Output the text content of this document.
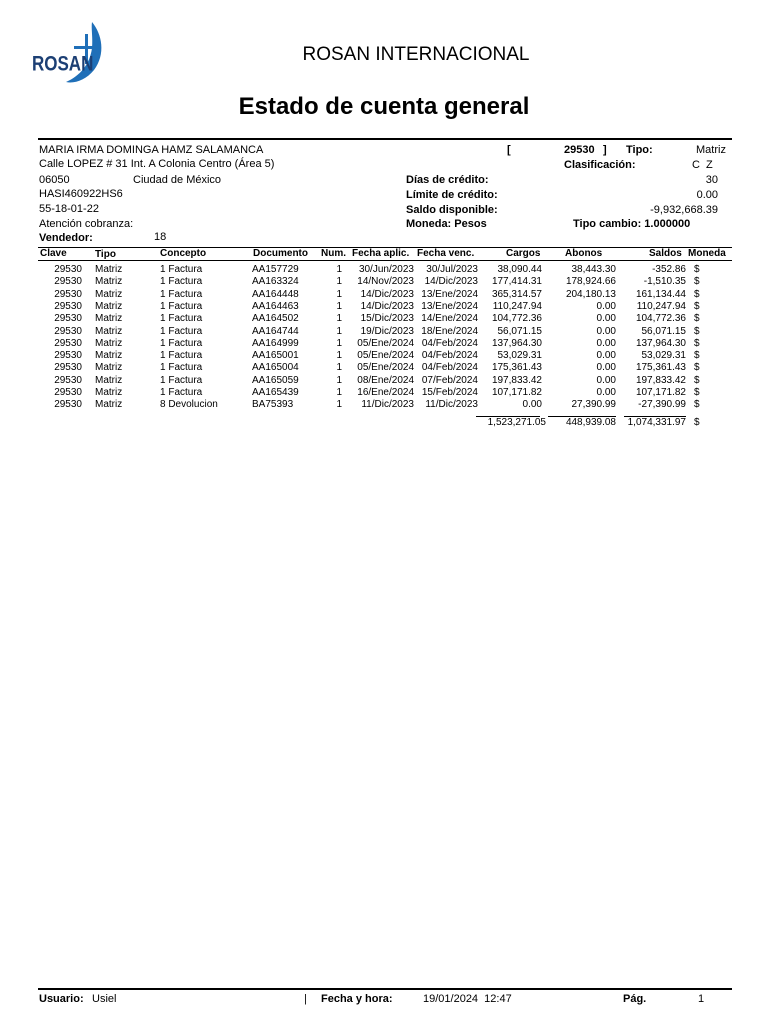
ROSAN	ROSAN INTERNACIONAL
Estado de cuenta general
MARIA IRMA DOMINGA HAMZ SALAMANCA
Calle LOPEZ # 31 Int. A Colonia Centro (Área 5)
06050	Ciudad de México
HASI460922HS6
55-18-01-22
Atención cobranza:
Vendedor:	18
[	29530 ] Tipo:	Matriz
Clasificación:	C  Z
Días de crédito:	30
Límite de crédito:	0.00
Saldo disponible:	-9,932,668.39
Moneda: Pesos	Tipo cambio: 1.000000
Clave	Tipo	Concepto	Documento Num. Fecha aplic. Fecha venc.	Cargos Abonos	Saldos Moneda
29530 Matriz	1 Factura	AA157729	1	30/Jun/2023	30/Jul/2023	38,090.44	38,443.30	-352.86 $
29530 Matriz	1 Factura	AA163324	1	14/Nov/2023	14/Dic/2023	177,414.31	178,924.66	-1,510.35 $
29530 Matriz	1 Factura	AA164448	1	14/Dic/2023 13/Ene/2024	365,314.57	204,180.13	161,134.44 $
29530 Matriz	1 Factura	AA164463	1	14/Dic/2023 13/Ene/2024	110,247.94	0.00	110,247.94 $
29530 Matriz	1 Factura	AA164502	1	15/Dic/2023 14/Ene/2024	104,772.36	0.00	104,772.36 $
29530 Matriz	1 Factura	AA164744	1	19/Dic/2023 18/Ene/2024	56,071.15	0.00	56,071.15 $
29530 Matriz	1 Factura	AA164999	1	05/Ene/2024 04/Feb/2024	137,964.30	0.00	137,964.30 $
29530 Matriz	1 Factura	AA165001	1	05/Ene/2024 04/Feb/2024	53,029.31	0.00	53,029.31 $
29530 Matriz	1 Factura	AA165004	1	05/Ene/2024 04/Feb/2024	175,361.43	0.00	175,361.43 $
29530 Matriz	1 Factura	AA165059	1	08/Ene/2024 07/Feb/2024	197,833.42	0.00	197,833.42 $
29530 Matriz	1 Factura	AA165439	1	16/Ene/2024 15/Feb/2024	107,171.82	0.00	107,171.82 $
29530 Matriz	8 Devolucion	BA75393	1	11/Dic/2023	11/Dic/2023	0.00	27,390.99	-27,390.99 $
1,523,271.05	448,939.08	1,074,331.97 $
Usuario: Usiel	| Fecha y hora:	19/01/2024  12:47	Pág.	1
